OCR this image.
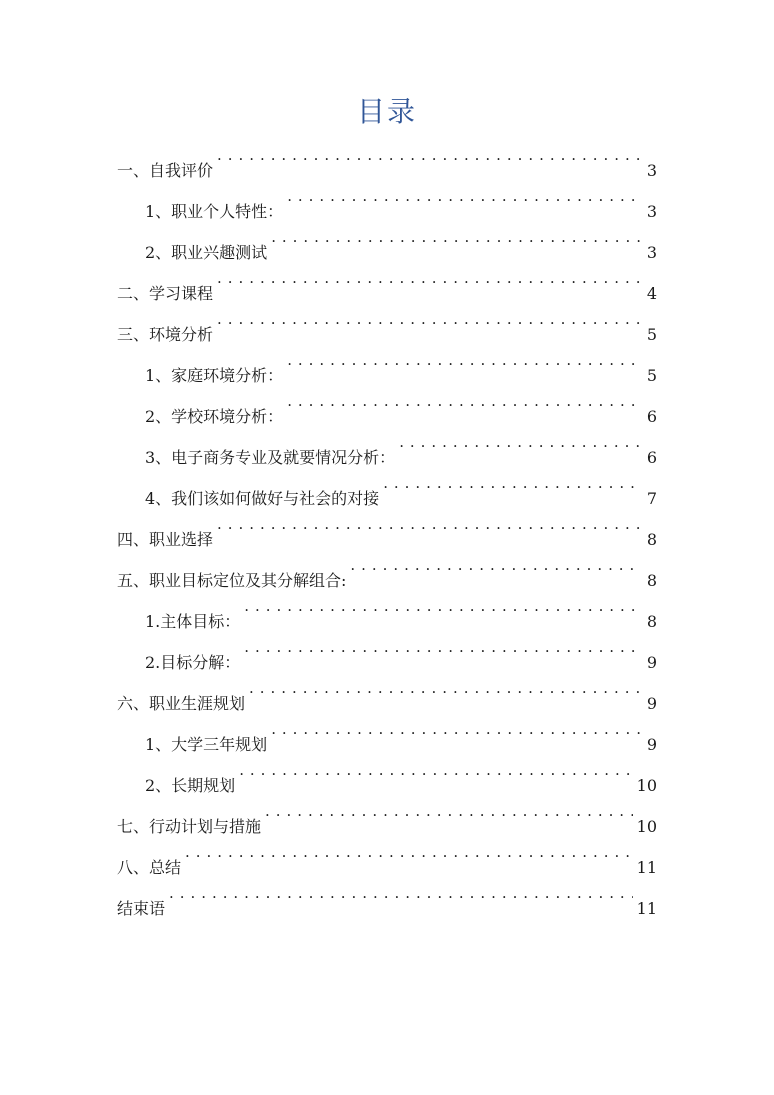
目录
一、自我评价 . . .	3
1、职业个人特性： . . .	3
2、职业兴趣测试 . . .	3
二、学习课程 . . .	4
三、环境分析 . . .	5
1、家庭环境分析： . . .	5
2、学校环境分析： . . .	6
3、电子商务专业及就要情况分析： . . .	6
4、我们该如何做好与社会的对接 . . .	7
四、职业选择 . . .	8
五、职业目标定位及其分解组合: . . .	8
1.主体目标： . . .	8
2.目标分解： . . .	9
六、职业生涯规划 . . .	9
1、大学三年规划 . . .	9
2、长期规划 . . .	10
七、行动计划与措施 . . .	10
八、总结 . . .	11
结束语 . . .	11
